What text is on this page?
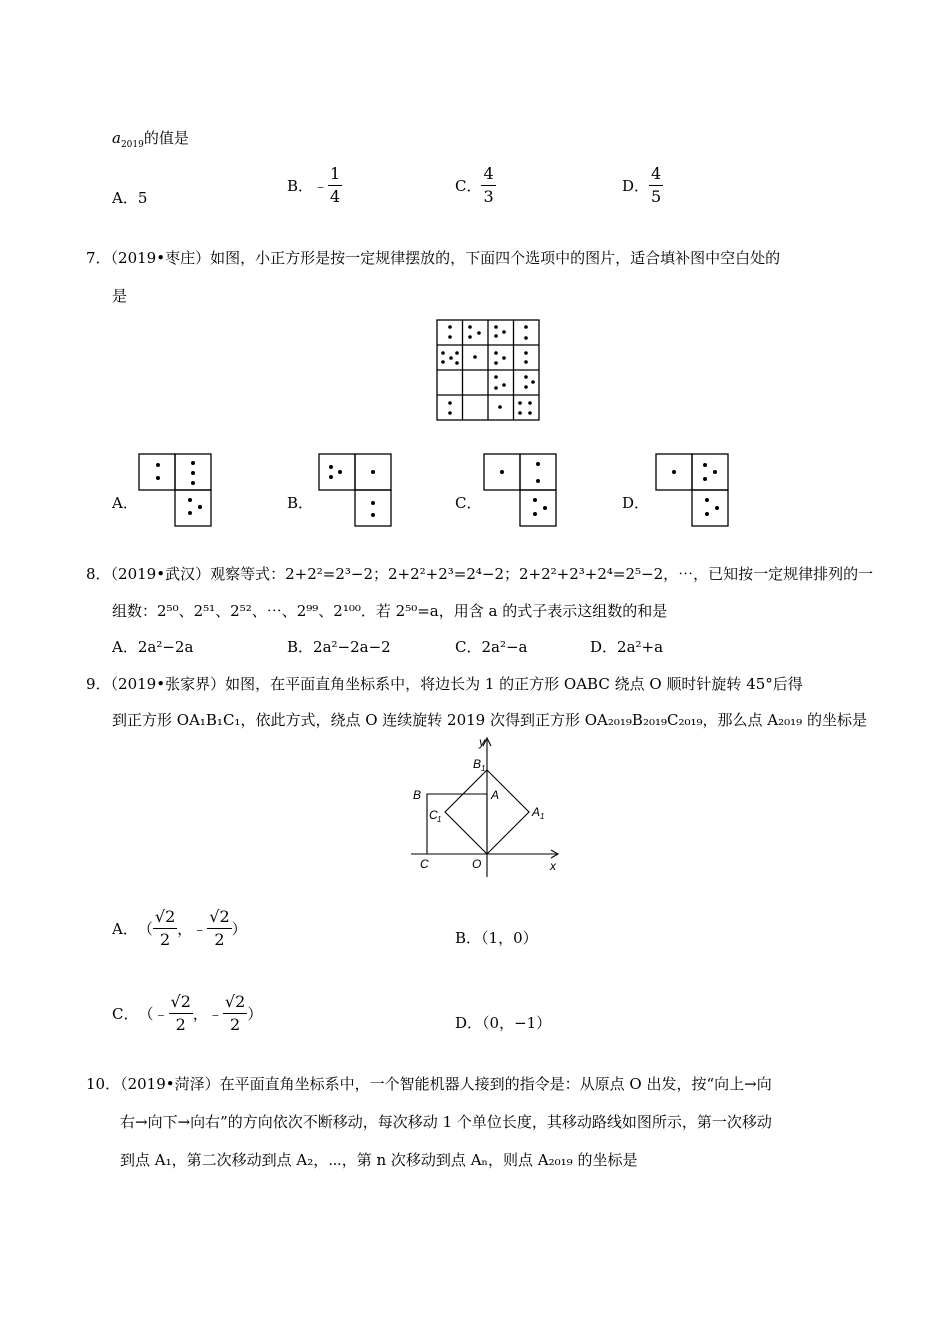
$a_{2019}$的值是
A．5
B． ﹣ $\frac{1}{4}$	C． $\frac{4}{3}$	D． $\frac{4}{5}$
7．（2019•枣庄）如图，小正方形是按一定规律摆放的，下面四个选项中的图片，适合填补图中空白处的
是
A．	B．	C．	D．
8．（2019•武汉）观察等式：2+2²=2³−2；2+2²+2³=2⁴−2；2+2²+2³+2⁴=2⁵−2，⋯，已知按一定规律排列的一
组数：2⁵⁰、2⁵¹、2⁵²、⋯、2⁹⁹、2¹⁰⁰．若 2⁵⁰=a，用含 a 的式子表示这组数的和是
A．2a²−2a	B．2a²−2a−2	C．2a²−a	D．2a²+a
9．（2019•张家界）如图，在平面直角坐标系中，将边长为 1 的正方形 OABC 绕点 O 顺时针旋转 45°后得
到正方形 OA₁B₁C₁，依此方式，绕点 O 连续旋转 2019 次得到正方形 OA₂₀₁₉B₂₀₁₉C₂₀₁₉，那么点 A₂₀₁₉ 的坐标是
y
x
B 1
B	A
A 1
C 1
C	O
A． （ $\frac{√2}{2}$ ， ﹣ $\frac{√2}{2}$ ）
B．（1，0）
C． （﹣ $\frac{√2}{2}$ ， ﹣ $\frac{√2}{2}$ ）
D．（0，−1）
10．（2019•菏泽）在平面直角坐标系中，一个智能机器人接到的指令是：从原点 O 出发，按“向上→向
右→向下→向右”的方向依次不断移动，每次移动 1 个单位长度，其移动路线如图所示，第一次移动
到点 A₁，第二次移动到点 A₂，⋯，第 n 次移动到点 Aₙ，则点 A₂₀₁₉ 的坐标是
